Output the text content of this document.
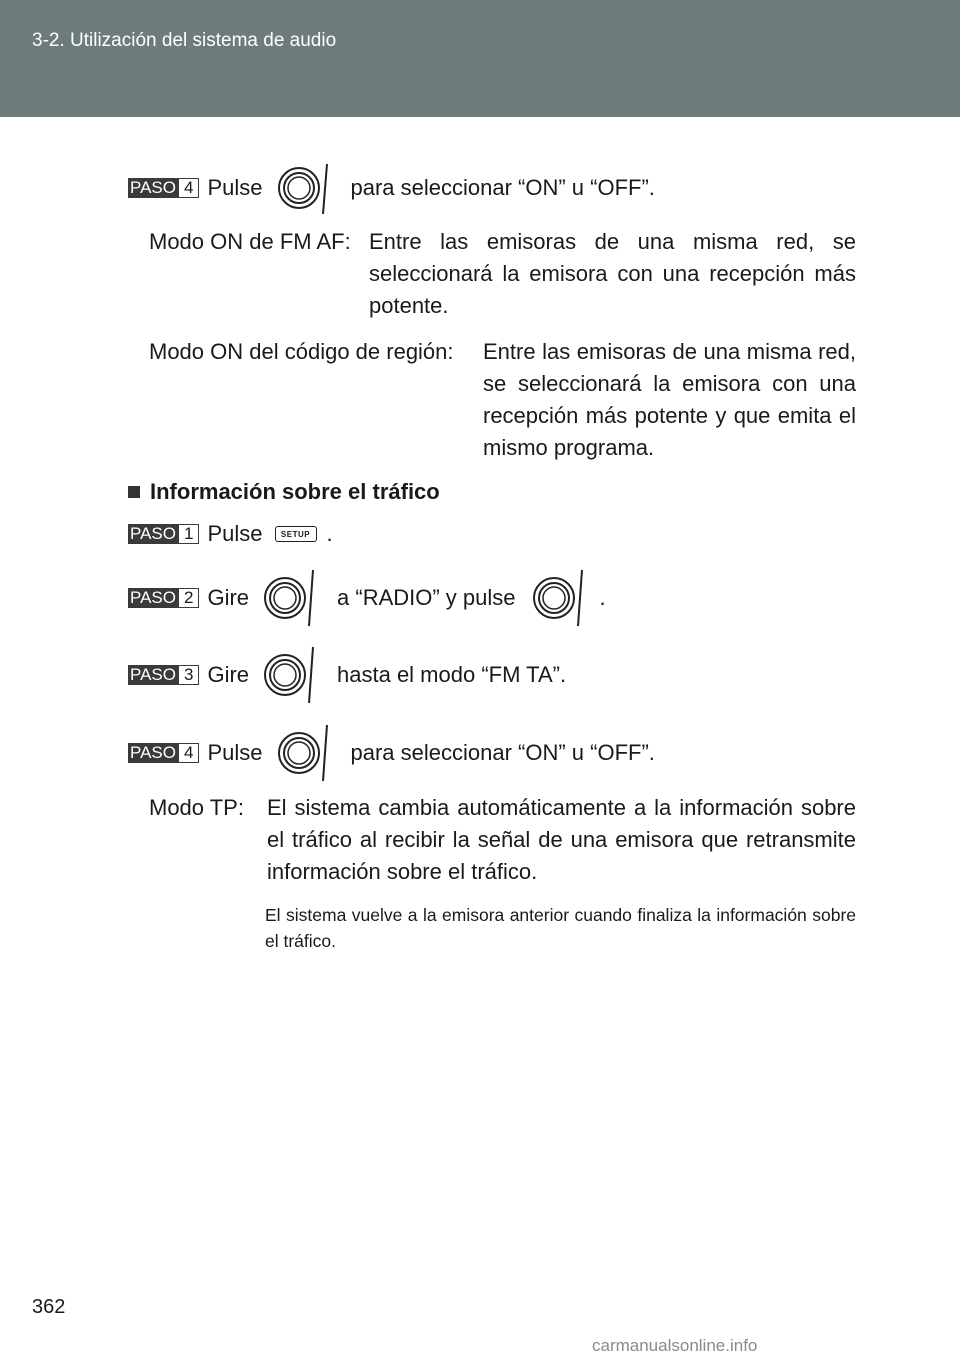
3-2. Utilización del sistema de audio
PASO 4 Pulse	para seleccionar “ON” u “OFF”.
Modo ON de FM AF: Entre las emisoras de una misma red, se seleccionará la emisora con una recepción más potente.
Modo ON del código de región: Entre las emisoras de una misma red, se seleccionará la emisora con una recepción más potente y que emita el mismo programa.
Información sobre el tráfico
PASO 1 Pulse	SETUP .
PASO 2 Gire	a “RADIO” y pulse	.
PASO 3 Gire	hasta el modo “FM TA”.
PASO 4 Pulse	para seleccionar “ON” u “OFF”.
Modo TP: El sistema cambia automáticamente a la información sobre el tráfico al recibir la señal de una emisora que retransmite información sobre el tráfico.
El sistema vuelve a la emisora anterior cuando finaliza la información sobre el tráfico.
362
carmanualsonline.info
